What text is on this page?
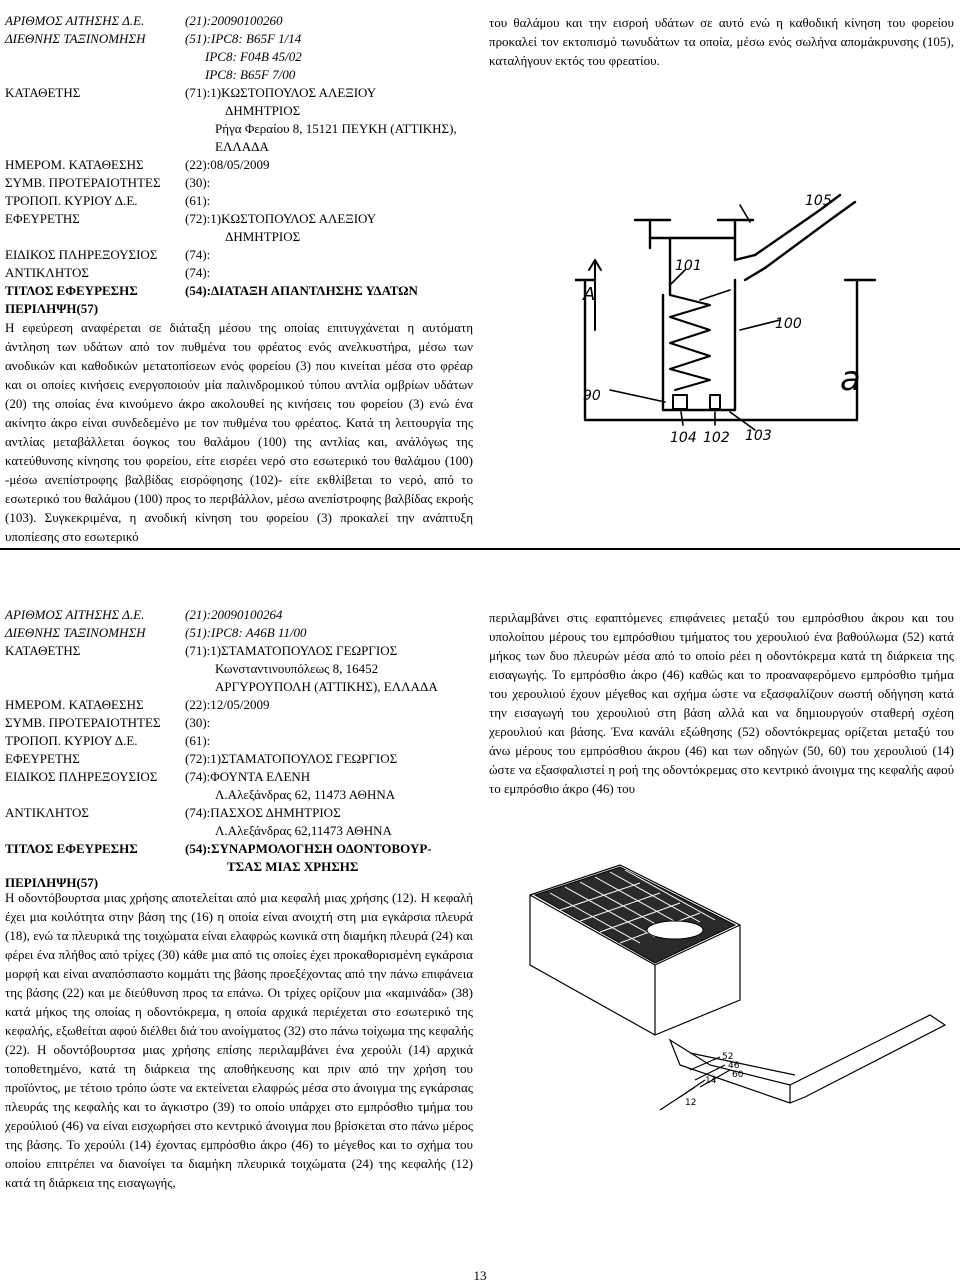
ΑΡΙΘΜΟΣ ΑΙΤΗΣΗΣ Δ.Ε.	(21):20090100260
ΔΙΕΘΝΗΣ ΤΑΞΙΝΟΜΗΣΗ	(51):IPC8: B65F 1/14
IPC8: F04B 45/02
IPC8: B65F 7/00
ΚΑΤΑΘΕΤΗΣ	(71):1)ΚΩΣΤΟΠΟΥΛΟΣ ΑΛΕΞΙΟΥ
ΔΗΜΗΤΡΙΟΣ
Ρήγα Φεραίου 8, 15121 ΠΕΥΚΗ (ΑΤΤΙΚΗΣ),
ΕΛΛΑΔΑ
ΗΜΕΡΟΜ. ΚΑΤΑΘΕΣΗΣ	(22):08/05/2009
ΣΥΜΒ. ΠΡΟΤΕΡΑΙΟΤΗΤΕΣ (30):
ΤΡΟΠΟΠ. ΚΥΡΙΟΥ Δ.Ε.	(61):
ΕΦΕΥΡΕΤΗΣ	(72):1)ΚΩΣΤΟΠΟΥΛΟΣ ΑΛΕΞΙΟΥ
ΔΗΜΗΤΡΙΟΣ
ΕΙΔΙΚΟΣ ΠΛΗΡΕΞΟΥΣΙΟΣ (74):
ΑΝΤΙΚΛΗΤΟΣ	(74):
ΤΙΤΛΟΣ ΕΦΕΥΡΕΣΗΣ	(54):ΔΙΑΤΑΞΗ ΑΠΑΝΤΛΗΣΗΣ ΥΔΑΤΩΝ
ΠΕΡΙΛΗΨΗ(57)
Η εφεύρεση αναφέρεται σε διάταξη μέσου της οποίας επιτυγχάνεται η αυτόματη άντληση των υδάτων από τον πυθμένα του φρέατος ενός ανελκυστήρα, μέσω των ανοδικών και καθοδικών μετατοπίσεων ενός φορείου (3) που κινείται μέσα στο φρέαρ και οι οποίες κινήσεις ενεργοποιούν μία παλινδρομικού τύπου αντλία ομβρίων υδάτων (20) της οποίας ένα κινούμενο άκρο ακολουθεί ης κινήσεις του φορείου (3) ενώ ένα ακίνητο άκρο είναι συνδεδεμένο με τον πυθμένα του φρέατος. Κατά τη λειτουργία της αντλίας μεταβάλλεται όογκος του θαλάμου (100) της αντλίας και, ανάλόγως της κατεύθυνσης κίνησης του φορείου, είτε εισρέει νερό στο εσωτερικό του θαλάμου (100) -μέσω ανεπίστροφης βαλβίδας εισρόφησης (102)- είτε εκθλίβεται το νερό, από το εσωτερικό του θαλάμου (100) προς το περιβάλλον, μέσω ανεπίστροφης βαλβίδας εκροής (103). Συγκεκριμένα, η ανοδική κίνηση του φορείου (3) προκαλεί την ανάπτυξη υποπίεσης στο εσωτερικό
του θαλάμου και την εισροή υδάτων σε αυτό ενώ η καθοδική κίνηση του φορείου προκαλεί τον εκτοπισμό τωνυδάτων τα οποία, μέσω ενός σωλήνα απομάκρυνσης (105), καταλήγουν εκτός του φρεατίου.
105
101
100
90
104 102 103
A
a
ΑΡΙΘΜΟΣ ΑΙΤΗΣΗΣ Δ.Ε.	(21):20090100264
ΔΙΕΘΝΗΣ ΤΑΞΙΝΟΜΗΣΗ	(51):IPC8: A46B 11/00
ΚΑΤΑΘΕΤΗΣ	(71):1)ΣΤΑΜΑΤΟΠΟΥΛΟΣ ΓΕΩΡΓΙΟΣ
Κωνσταντινουπόλεως 8, 16452
ΑΡΓΥΡΟΥΠΟΛΗ (ΑΤΤΙΚΗΣ), ΕΛΛΑΔΑ
ΗΜΕΡΟΜ. ΚΑΤΑΘΕΣΗΣ	(22):12/05/2009
ΣΥΜΒ. ΠΡΟΤΕΡΑΙΟΤΗΤΕΣ (30):
ΤΡΟΠΟΠ. ΚΥΡΙΟΥ Δ.Ε.	(61):
ΕΦΕΥΡΕΤΗΣ	(72):1)ΣΤΑΜΑΤΟΠΟΥΛΟΣ ΓΕΩΡΓΙΟΣ
ΕΙΔΙΚΟΣ ΠΛΗΡΕΞΟΥΣΙΟΣ (74):ΦΟΥΝΤΑ ΕΛΕΝΗ
Λ.Αλεξάνδρας 62, 11473 ΑΘΗΝΑ
ΑΝΤΙΚΛΗΤΟΣ	(74):ΠΑΣΧΟΣ ΔΗΜΗΤΡΙΟΣ
Λ.Αλεξάνδρας 62,11473 ΑΘΗΝΑ
ΤΙΤΛΟΣ ΕΦΕΥΡΕΣΗΣ	(54):ΣΥΝΑΡΜΟΛΟΓΗΣΗ ΟΔΟΝΤΟΒΟΥΡ-
ΤΣΑΣ ΜΙΑΣ ΧΡΗΣΗΣ
ΠΕΡΙΛΗΨΗ(57)
Η οδοντόβουρτσα μιας χρήσης αποτελείται από μια κεφαλή μιας χρήσης (12). Η κεφαλή έχει μια κοιλότητα στην βάση της (16) η οποία είναι ανοιχτή στη μια εγκάρσια πλευρά (18), ενώ τα πλευρικά της τοιχώματα είναι ελαφρώς κωνικά στη διαμήκη πλευρά (24) και φέρει ένα πλήθος από τρίχες (30) κάθε μια από τις οποίες έχει προκαθορισμένη εγκάρσια μορφή και είναι αναπόσπαστο κομμάτι της βάσης προεξέχοντας από την πάνω επιφάνεια της βάσης (22) και με διεύθυνση προς τα επάνω. Οι τρίχες ορίζουν μια «καμινάδα» (38) κατά μήκος της οποίας η οδοντόκρεμα, η οποία αρχικά περιέχεται στο εσωτερικό της κεφαλής, εξωθείται αφού διέλθει διά του ανοίγματος (32) στο πάνω τοίχωμα της κεφαλής (22). Η οδοντόβουρτσα μιας χρήσης επίσης περιλαμβάνει ένα χερούλι (14) αρχικά τοποθετημένο, κατά τη διάρκεια της αποθήκευσης και πριν από την χρήση του προϊόντος, με τέτοιο τρόπο ώστε να εκτείνεται ελαφρώς μέσα στο άνοιγμα της εγκάρσιας πλευράς της κεφαλής και το άγκιστρο (39) το οποίο υπάρχει στο εμπρόσθιο τμήμα του χερούλιού (46) να είναι εισχωρήσει στο κεντρικό άνοιγμα που βρίσκεται στο πάνω μέρος της βάσης. Το χερούλι (14) έχοντας εμπρόσθιο άκρο (46) το μέγεθος και το σχήμα του οποίου επιτρέπει να διανοίγει τα διαμήκη πλευρικά τοιχώματα (24) της κεφαλής (12) κατά τη διάρκεια της εισαγωγής,
περιλαμβάνει στις εφαπτόμενες επιφάνειες μεταξύ του εμπρόσθιου άκρου και του υπολοίπου μέρους του εμπρόσθιου τμήματος του χερουλιού ένα βαθούλωμα (52) κατά μήκος των δυο πλευρών μέσα από το οποίο ρέει η οδοντόκρεμα κατά τη διάρκεια της εισαγωγής. Το εμπρόσθιο άκρο (46) καθώς και το προαναφερόμενο εμπρόσθιο τμήμα του χερουλιού έχουν μέγεθος και σχήμα ώστε να εξασφαλίζουν σωστή οδήγηση κατά την εισαγωγή του χερουλιού στη βάση αλλά και να δημιουργούν σταθερή σχέση χερουλιού και βάσης. Ένα κανάλι εξώθησης (52) οδοντόκρεμας ορίζεται μεταξύ του άνω μέρους του εμπρόσθιου άκρου (46) και των οδηγών (50, 60) του χερουλιού (14) ώστε να εξασφαλιστεί η ροή της οδοντόκρεμας στο κεντρικό άνοιγμα της κεφαλής αφού το εμπρόσθιο άκρο (46) του
52
46
60
14
12
13
